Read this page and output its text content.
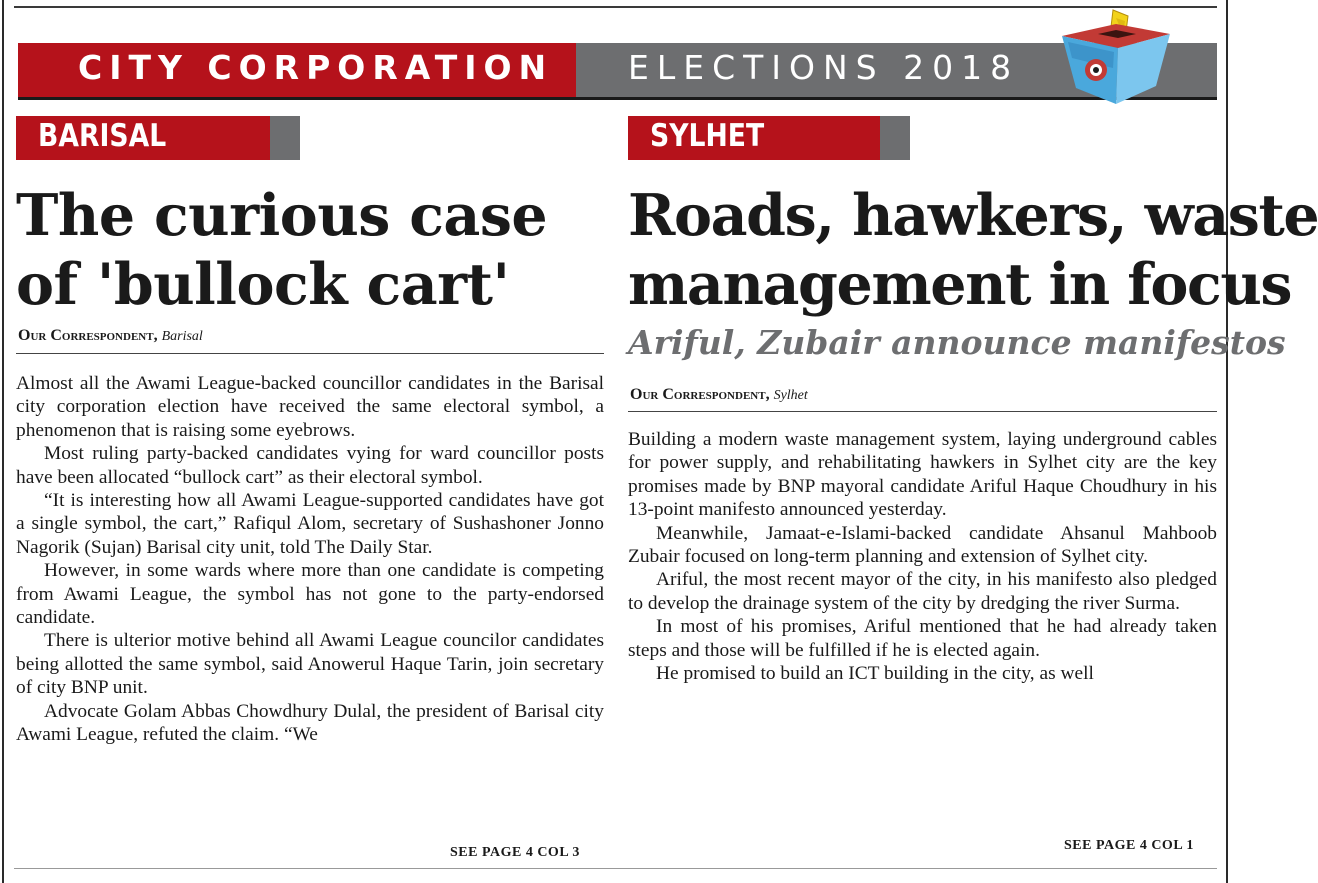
CITY CORPORATION ELECTIONS 2018
BARISAL
The curious case
of 'bullock cart'
Our Correspondent, Barisal

Almost all the Awami League-backed councillor candidates in the Barisal city corporation election have received the same electoral symbol, a phenomenon that is raising some eyebrows.

Most ruling party-backed candidates vying for ward councillor posts have been allocated “bullock cart” as their electoral symbol.

“It is interesting how all Awami League-supported candidates have got a single symbol, the cart,” Rafiqul Alom, secretary of Sushashoner Jonno Nagorik (Sujan) Barisal city unit, told The Daily Star.

However, in some wards where more than one candidate is competing from Awami League, the symbol has not gone to the party-endorsed candidate.

There is ulterior motive behind all Awami League councilor candidates being allotted the same symbol, said Anowerul Haque Tarin, join secretary of city BNP unit.

Advocate Golam Abbas Chowdhury Dulal, the president of Barisal city Awami League, refuted the claim. “We

SEE PAGE 4 COL 3
SYLHET
Roads, hawkers, waste
management in focus
Ariful, Zubair announce manifestos
Our Correspondent, Sylhet

Building a modern waste management system, laying underground cables for power supply, and rehabilitating hawkers in Sylhet city are the key promises made by BNP mayoral candidate Ariful Haque Choudhury in his 13-point manifesto announced yesterday.

Meanwhile, Jamaat-e-Islami-backed candidate Ahsanul Mahboob Zubair focused on long-term planning and extension of Sylhet city.

Ariful, the most recent mayor of the city, in his manifesto also pledged to develop the drainage system of the city by dredging the river Surma.

In most of his promises, Ariful mentioned that he had already taken steps and those will be fulfilled if he is elected again.

He promised to build an ICT building in the city, as well

SEE PAGE 4 COL 1
